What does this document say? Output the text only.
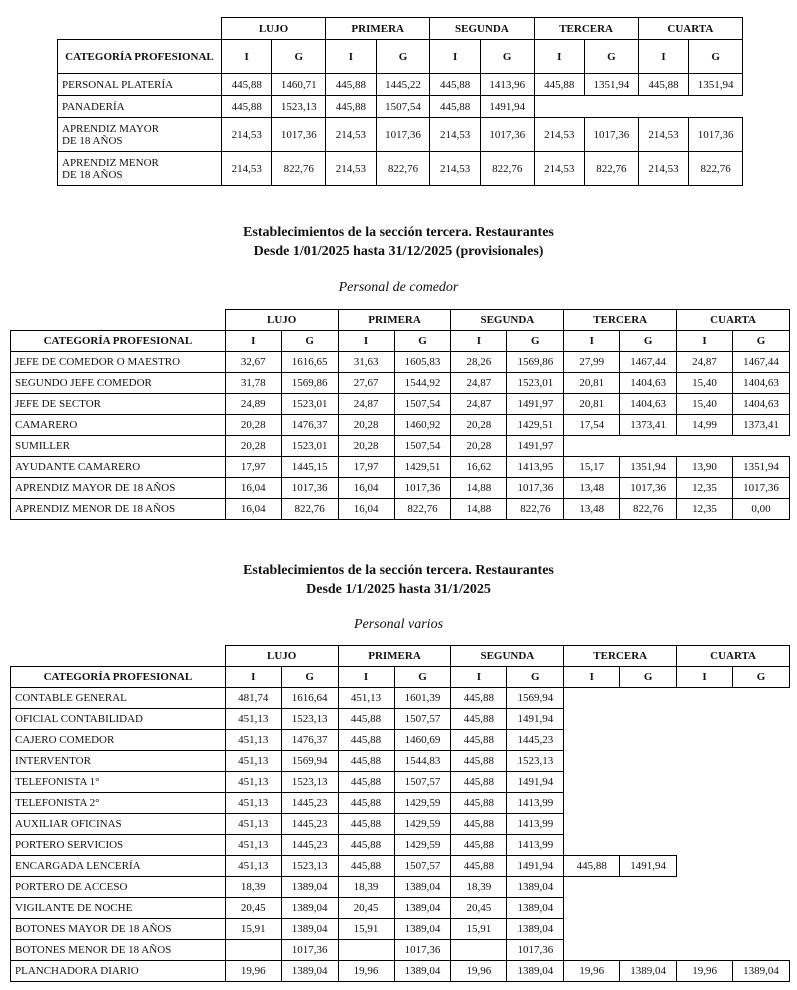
	LUJO		PRIMERA		SEGUNDA		TERCERA		CUARTA	
CATEGORÍA PROFESIONAL	I	G	I	G	I	G	I	G	I	G
PERSONAL PLATERÍA	445,88	1460,71	445,88	1445,22	445,88	1413,96	445,88	1351,94	445,88	1351,94
PANADERÍA	445,88	1523,13	445,88	1507,54	445,88	1491,94				
APRENDIZ MAYOR
DE 18 AÑOS	214,53	1017,36	214,53	1017,36	214,53	1017,36	214,53	1017,36	214,53	1017,36
APRENDIZ MENOR
DE 18 AÑOS	214,53	822,76	214,53	822,76	214,53	822,76	214,53	822,76	214,53	822,76
Establecimientos de la sección tercera. Restaurantes
Desde 1/01/2025 hasta 31/12/2025 (provisionales)
Personal de comedor
	LUJO		PRIMERA		SEGUNDA		TERCERA		CUARTA	
CATEGORÍA PROFESIONAL	I	G	I	G	I	G	I	G	I	G
JEFE DE COMEDOR O MAESTRO	32,67	1616,65	31,63	1605,83	28,26	1569,86	27,99	1467,44	24,87	1467,44
SEGUNDO JEFE COMEDOR	31,78	1569,86	27,67	1544,92	24,87	1523,01	20,81	1404,63	15,40	1404,63
JEFE DE SECTOR	24,89	1523,01	24,87	1507,54	24,87	1491,97	20,81	1404,63	15,40	1404,63
CAMARERO	20,28	1476,37	20,28	1460,92	20,28	1429,51	17,54	1373,41	14,99	1373,41
SUMILLER	20,28	1523,01	20,28	1507,54	20,28	1491,97				
AYUDANTE CAMARERO	17,97	1445,15	17,97	1429,51	16,62	1413,95	15,17	1351,94	13,90	1351,94
APRENDIZ MAYOR DE 18 AÑOS	16,04	1017,36	16,04	1017,36	14,88	1017,36	13,48	1017,36	12,35	1017,36
APRENDIZ MENOR DE 18 AÑOS	16,04	822,76	16,04	822,76	14,88	822,76	13,48	822,76	12,35	0,00
Establecimientos de la sección tercera. Restaurantes
Desde 1/1/2025 hasta 31/1/2025
Personal varios
	LUJO		PRIMERA		SEGUNDA		TERCERA		CUARTA	
CATEGORÍA PROFESIONAL	I	G	I	G	I	G	I	G	I	G
CONTABLE GENERAL	481,74	1616,64	451,13	1601,39	445,88	1569,94				
OFICIAL CONTABILIDAD	451,13	1523,13	445,88	1507,57	445,88	1491,94				
CAJERO COMEDOR	451,13	1476,37	445,88	1460,69	445,88	1445,23				
INTERVENTOR	451,13	1569,94	445,88	1544,83	445,88	1523,13				
TELEFONISTA 1°	451,13	1523,13	445,88	1507,57	445,88	1491,94				
TELEFONISTA 2°	451,13	1445,23	445,88	1429,59	445,88	1413,99				
AUXILIAR OFICINAS	451,13	1445,23	445,88	1429,59	445,88	1413,99				
PORTERO SERVICIOS	451,13	1445,23	445,88	1429,59	445,88	1413,99				
ENCARGADA LENCERÍA	451,13	1523,13	445,88	1507,57	445,88	1491,94	445,88	1491,94		
PORTERO DE ACCESO	18,39	1389,04	18,39	1389,04	18,39	1389,04				
VIGILANTE DE NOCHE	20,45	1389,04	20,45	1389,04	20,45	1389,04				
BOTONES MAYOR DE 18 AÑOS	15,91	1389,04	15,91	1389,04	15,91	1389,04				
BOTONES MENOR DE 18 AÑOS		1017,36		1017,36		1017,36				
PLANCHADORA DIARIO	19,96	1389,04	19,96	1389,04	19,96	1389,04	19,96	1389,04	19,96	1389,04
